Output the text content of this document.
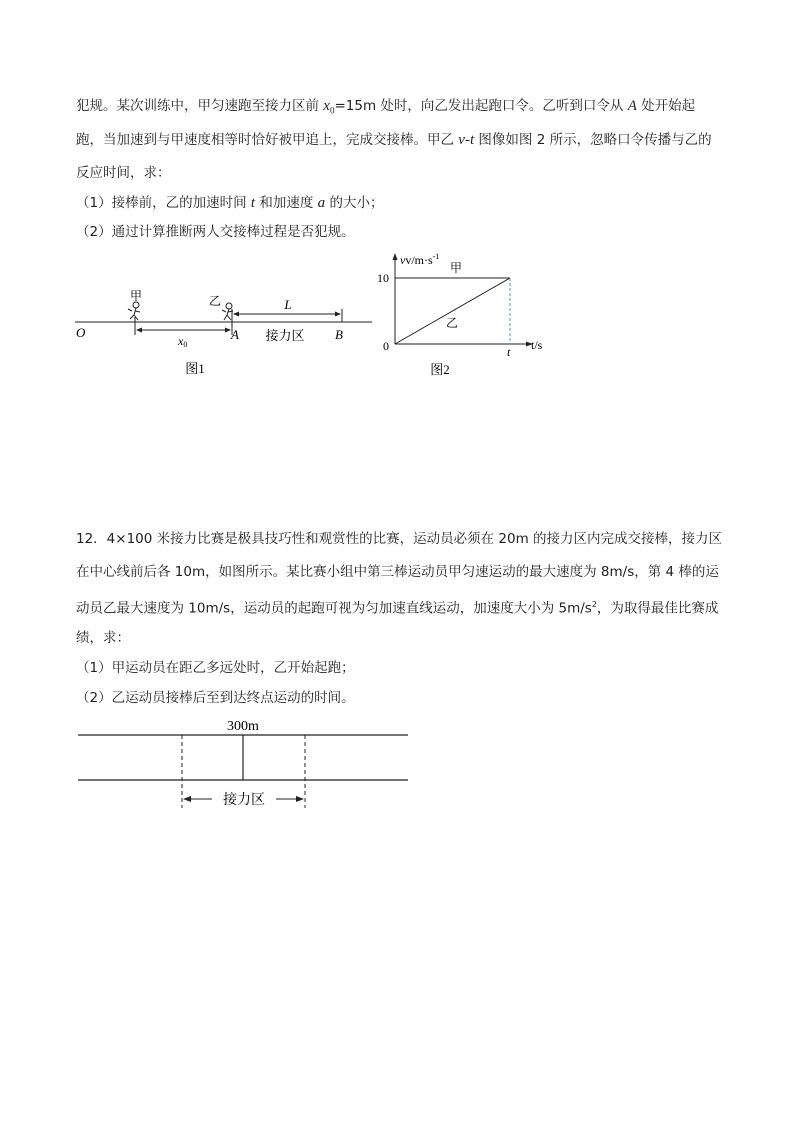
犯规。某次训练中，甲匀速跑至接力区前 $x_0=15m$ 处时，向乙发出起跑口令。乙听到口令从 A 处开始起
跑，当加速到与甲速度相等时恰好被甲追上，完成交接棒。甲乙 v-t 图像如图 2 所示，忽略口令传播与乙的
反应时间，求：
（1）接棒前，乙的加速时间 t 和加速度 a 的大小；
（2）通过计算推断两人交接棒过程是否犯规。
甲	乙
O
x0
L
A	B
接力区
图1
$vv/m\cdot s^{-1}$
t/s
10
0	t
甲
乙
图2
12．4×100 米接力比赛是极具技巧性和观赏性的比赛，运动员必须在 20m 的接力区内完成交接棒，接力区
在中心线前后各 10m，如图所示。某比赛小组中第三棒运动员甲匀速运动的最大速度为 8m/s，第 4 棒的运
动员乙最大速度为 10m/s，运动员的起跑可视为匀加速直线运动，加速度大小为 $5m/s^2$，为取得最佳比赛成
绩，求：
（1）甲运动员在距乙多远处时，乙开始起跑；
（2）乙运动员接棒后至到达终点运动的时间。
300m
接力区
